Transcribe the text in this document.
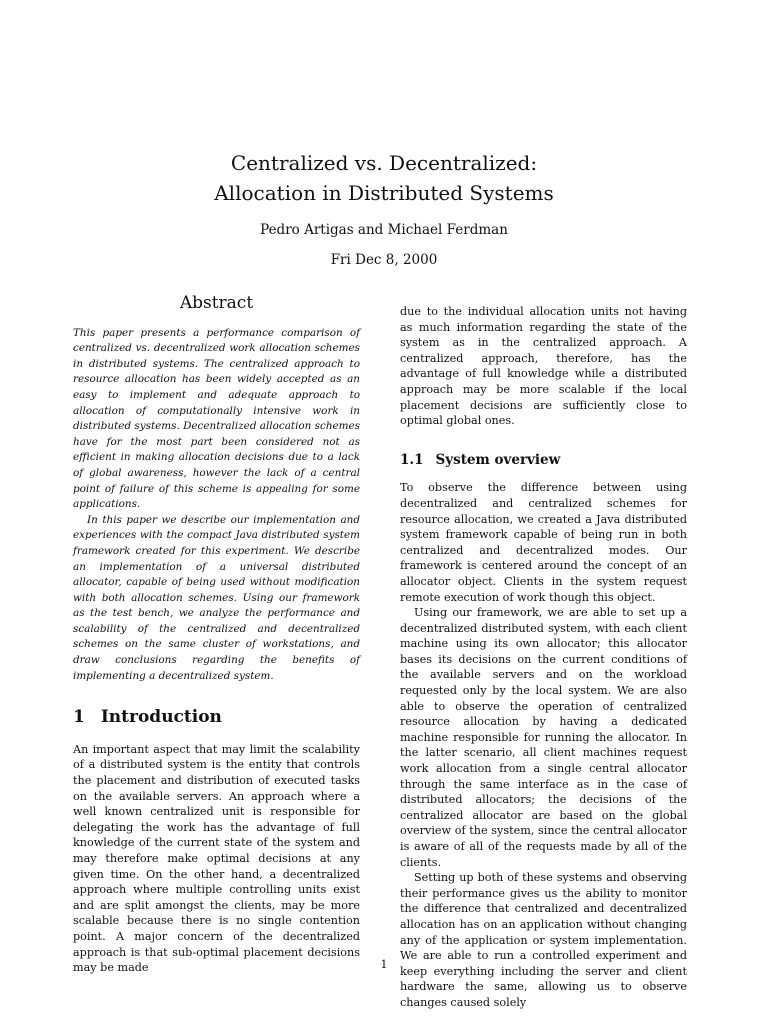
Centralized vs. Decentralized:
Allocation in Distributed Systems
Pedro Artigas and Michael Ferdman
Fri Dec 8, 2000
Abstract

This paper presents a performance comparison of centralized vs. decentralized work allocation schemes in distributed systems. The centralized approach to resource allocation has been widely accepted as an easy to implement and adequate approach to allocation of computationally intensive work in distributed systems. Decentralized allocation schemes have for the most part been considered not as efficient in making allocation decisions due to a lack of global awareness, however the lack of a central point of failure of this scheme is appealing for some applications.

In this paper we describe our implementation and experiences with the compact Java distributed system framework created for this experiment. We describe an implementation of a universal distributed allocator, capable of being used without modification with both allocation schemes. Using our framework as the test bench, we analyze the performance and scalability of the centralized and decentralized schemes on the same cluster of workstations, and draw conclusions regarding the benefits of implementing a decentralized system.

1 Introduction

An important aspect that may limit the scalability of a distributed system is the entity that controls the placement and distribution of executed tasks on the available servers. An approach where a well known centralized unit is responsible for delegating the work has the advantage of full knowledge of the current state of the system and may therefore make optimal decisions at any given time. On the other hand, a decentralized approach where multiple controlling units exist and are split amongst the clients, may be more scalable because there is no single contention point. A major concern of the decentralized approach is that sub-optimal placement decisions may be made

due to the individual allocation units not having as much information regarding the state of the system as in the centralized approach. A centralized approach, therefore, has the advantage of full knowledge while a distributed approach may be more scalable if the local placement decisions are sufficiently close to optimal global ones.

1.1 System overview

To observe the difference between using decentralized and centralized schemes for resource allocation, we created a Java distributed system framework capable of being run in both centralized and decentralized modes. Our framework is centered around the concept of an allocator object. Clients in the system request remote execution of work though this object.

Using our framework, we are able to set up a decentralized distributed system, with each client machine using its own allocator; this allocator bases its decisions on the current conditions of the available servers and on the workload requested only by the local system. We are also able to observe the operation of centralized resource allocation by having a dedicated machine responsible for running the allocator. In the latter scenario, all client machines request work allocation from a single central allocator through the same interface as in the case of distributed allocators; the decisions of the centralized allocator are based on the global overview of the system, since the central allocator is aware of all of the requests made by all of the clients.

Setting up both of these systems and observing their performance gives us the ability to monitor the difference that centralized and decentralized allocation has on an application without changing any of the application or system implementation. We are able to run a controlled experiment and keep everything including the server and client hardware the same, allowing us to observe changes caused solely

1
